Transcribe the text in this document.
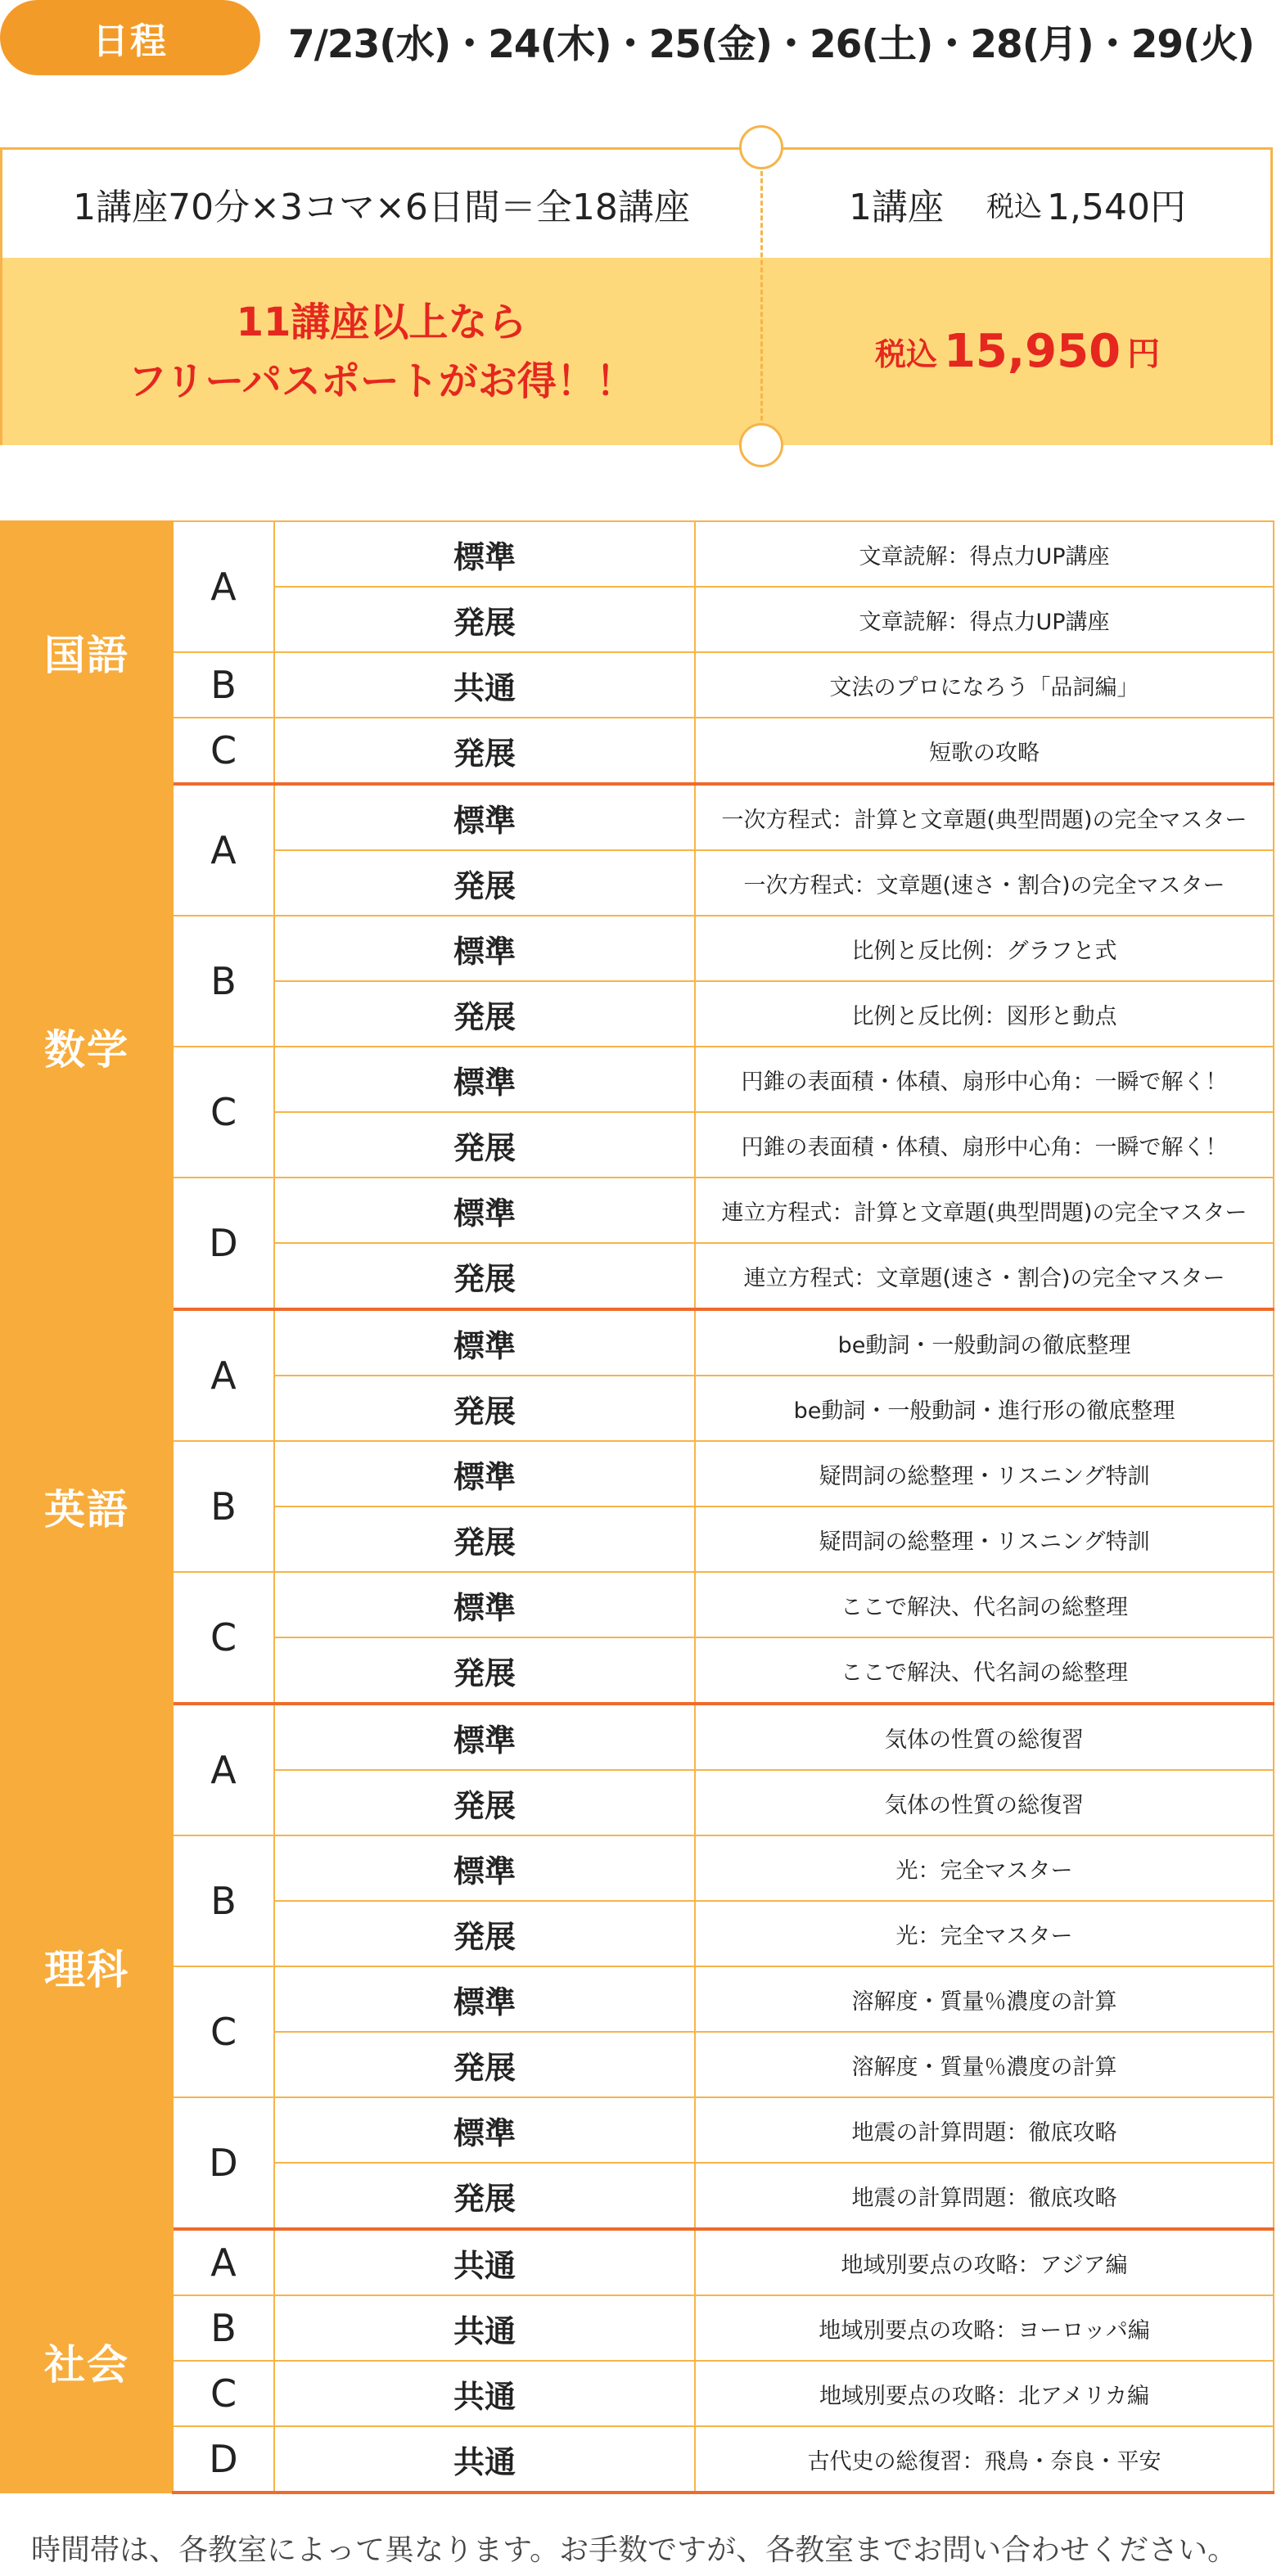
日程	7/23(水)・24(木)・25(金)・26(土)・28(月)・29(火)
1講座70分×3コマ×6日間＝全18講座	1講座 税込 1,540円
11講座以上なら
フリーパスポートがお得！！
税込 15,950 円
国語	A	標準	文章読解：得点力UP講座
		発展	文章読解：得点力UP講座
	B	共通	文法のプロになろう「品詞編」
	C	発展	短歌の攻略
数学	A	標準	一次方程式：計算と文章題(典型問題)の完全マスター
		発展	一次方程式：文章題(速さ・割合)の完全マスター
	B	標準	比例と反比例：グラフと式
		発展	比例と反比例：図形と動点
	C	標準	円錐の表面積・体積、扇形中心角：一瞬で解く！
		発展	円錐の表面積・体積、扇形中心角：一瞬で解く！
	D	標準	連立方程式：計算と文章題(典型問題)の完全マスター
		発展	連立方程式：文章題(速さ・割合)の完全マスター
英語	A	標準	be動詞・一般動詞の徹底整理
		発展	be動詞・一般動詞・進行形の徹底整理
	B	標準	疑問詞の総整理・リスニング特訓
		発展	疑問詞の総整理・リスニング特訓
	C	標準	ここで解決、代名詞の総整理
		発展	ここで解決、代名詞の総整理
理科	A	標準	気体の性質の総復習
		発展	気体の性質の総復習
	B	標準	光：完全マスター
		発展	光：完全マスター
	C	標準	溶解度・質量％濃度の計算
		発展	溶解度・質量％濃度の計算
	D	標準	地震の計算問題：徹底攻略
		発展	地震の計算問題：徹底攻略
社会	A	共通	地域別要点の攻略：アジア編
	B	共通	地域別要点の攻略：ヨーロッパ編
	C	共通	地域別要点の攻略：北アメリカ編
	D	共通	古代史の総復習：飛鳥・奈良・平安
時間帯は、各教室によって異なります。お手数ですが、各教室までお問い合わせください。
